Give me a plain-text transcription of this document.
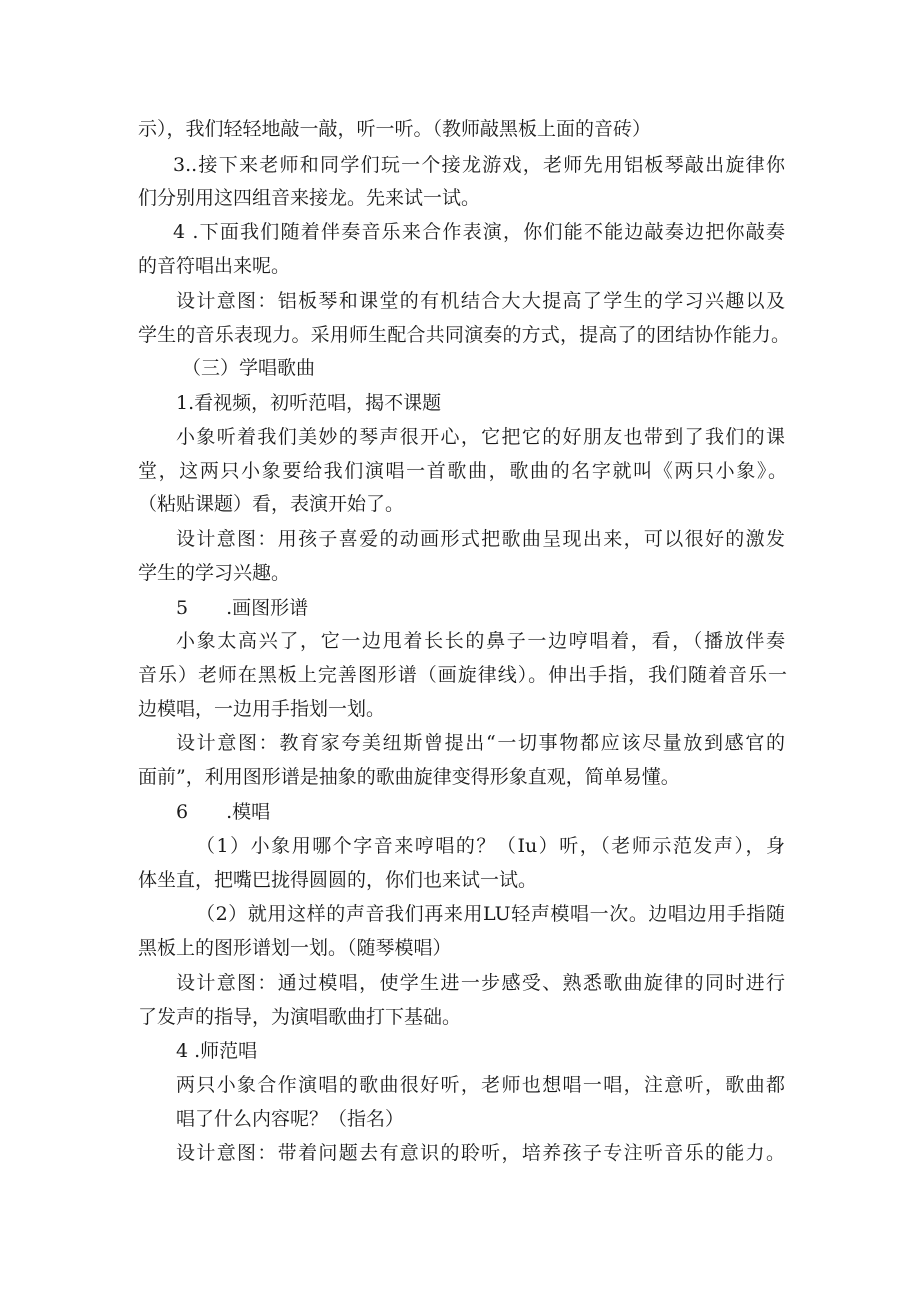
示），我们轻轻地敲一敲，听一听。（教师敲黑板上面的音砖）
3..接下来老师和同学们玩一个接龙游戏，老师先用铝板琴敲出旋律你
们分别用这四组音来接龙。先来试一试。
4 .下面我们随着伴奏音乐来合作表演，你们能不能边敲奏边把你敲奏
的音符唱出来呢。
设计意图：铝板琴和课堂的有机结合大大提高了学生的学习兴趣以及
学生的音乐表现力。采用师生配合共同演奏的方式，提高了的团结协作能力。
（三）学唱歌曲
1.看视频，初听范唱，揭不课题
小象听着我们美妙的琴声很开心，它把它的好朋友也带到了我们的课
堂，这两只小象要给我们演唱一首歌曲，歌曲的名字就叫《两只小象》。
（粘贴课题）看，表演开始了。
设计意图：用孩子喜爱的动画形式把歌曲呈现出来，可以很好的激发
学生的学习兴趣。
5　　.画图形谱
小象太高兴了，它一边甩着长长的鼻子一边哼唱着，看，（播放伴奏
音乐）老师在黑板上完善图形谱（画旋律线）。伸出手指，我们随着音乐一
边模唱，一边用手指划一划。
设计意图：教育家夸美纽斯曾提出“一切事物都应该尽量放到感官的
面前”，利用图形谱是抽象的歌曲旋律变得形象直观，简单易懂。
6　　.模唱
（1）小象用哪个字音来哼唱的？（Iu）听，（老师示范发声），身
体坐直，把嘴巴拢得圆圆的，你们也来试一试。
（2）就用这样的声音我们再来用LU轻声模唱一次。边唱边用手指随
黑板上的图形谱划一划。（随琴模唱）
设计意图：通过模唱，使学生进一步感受、熟悉歌曲旋律的同时进行
了发声的指导，为演唱歌曲打下基础。
4 .师范唱
两只小象合作演唱的歌曲很好听，老师也想唱一唱，注意听，歌曲都
唱了什么内容呢？（指名）
设计意图：带着问题去有意识的聆听，培养孩子专注听音乐的能力。
